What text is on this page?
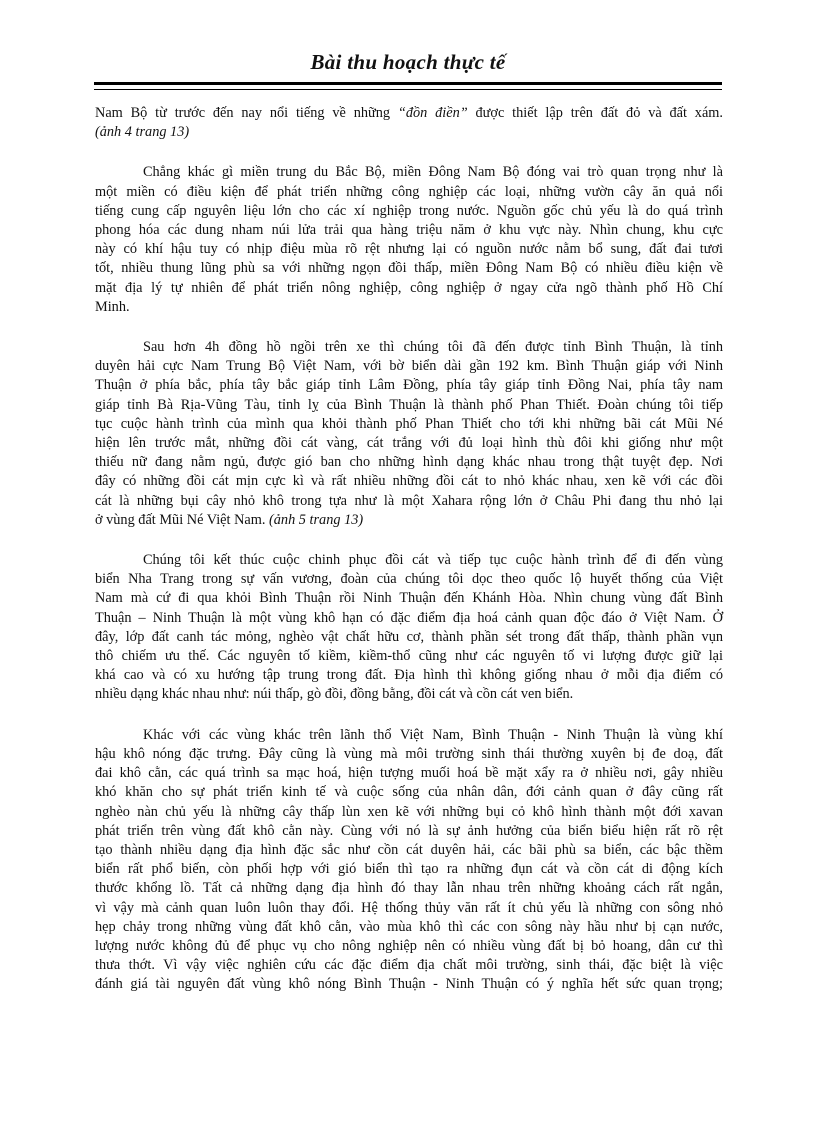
Bài thu hoạch thực tế
Nam Bộ từ trước đến nay nổi tiếng về những “đồn điền” được thiết lập trên đất đỏ và đất xám.
(ảnh 4 trang 13)
Chẳng khác gì miền trung du Bắc Bộ, miền Đông Nam Bộ đóng vai trò quan trọng như là
một miền có điều kiện để phát triển những công nghiệp các loại, những vườn cây ăn quả nổi
tiếng cung cấp nguyên liệu lớn cho các xí nghiệp trong nước. Nguồn gốc chủ yếu là do quá trình
phong hóa các dung nham núi lửa trải qua hàng triệu năm ở khu vực này. Nhìn chung, khu cực
này có khí hậu tuy có nhịp điệu mùa rõ rệt nhưng lại có nguồn nước nằm bổ sung, đất đai tươi
tốt, nhiều thung lũng phù sa với những ngọn đồi thấp, miền Đông Nam Bộ có nhiều điều kiện về
mặt địa lý tự nhiên để phát triển nông nghiệp, công nghiệp ở ngay cửa ngõ thành phố Hồ Chí
Minh.
Sau hơn 4h đồng hồ ngồi trên xe thì chúng tôi đã đến được tỉnh Bình Thuận, là tỉnh
duyên hải cực Nam Trung Bộ Việt Nam, với bờ biển dài gần 192 km. Bình Thuận giáp với Ninh
Thuận ở phía bắc, phía tây bắc giáp tỉnh Lâm Đồng, phía tây giáp tỉnh Đồng Nai, phía tây nam
giáp tỉnh Bà Rịa-Vũng Tàu, tỉnh lỵ của Bình Thuận là thành phố Phan Thiết. Đoàn chúng tôi tiếp
tục cuộc hành trình của mình qua khỏi thành phố Phan Thiết cho tới khi những bãi cát Mũi Né
hiện lên trước mắt, những đồi cát vàng, cát trắng với đủ loại hình thù đôi khi giống như một
thiếu nữ đang nằm ngủ, được gió ban cho những hình dạng khác nhau trong thật tuyệt đẹp. Nơi
đây có những đồi cát mịn cực kì và rất nhiều những đồi cát to nhỏ khác nhau, xen kẽ với các đồi
cát là những bụi cây nhỏ khô trong tựa như là một Xahara rộng lớn ở Châu Phi đang thu nhỏ lại
ở vùng đất Mũi Né Việt Nam. (ảnh 5 trang 13)
Chúng tôi kết thúc cuộc chinh phục đồi cát và tiếp tục cuộc hành trình để đi đến vùng
biển Nha Trang trong sự vấn vương, đoàn của chúng tôi dọc theo quốc lộ huyết thống của Việt
Nam mà cứ đi qua khỏi Bình Thuận rồi Ninh Thuận đến Khánh Hòa. Nhìn chung vùng đất Bình
Thuận – Ninh Thuận là một vùng khô hạn có đặc điểm địa hoá cảnh quan độc đáo ở Việt Nam. Ở
đây, lớp đất canh tác mỏng, nghèo vật chất hữu cơ, thành phần sét trong đất thấp, thành phần vụn
thô chiếm ưu thế. Các nguyên tố kiềm, kiềm-thổ cũng như các nguyên tố vi lượng được giữ lại
khá cao và có xu hướng tập trung trong đất. Địa hình thì không giống nhau ở mỗi địa điểm có
nhiều dạng khác nhau như: núi thấp, gò đồi, đồng bằng, đồi cát và cồn cát ven biển.
Khác với các vùng khác trên lãnh thổ Việt Nam, Bình Thuận - Ninh Thuận là vùng khí
hậu khô nóng đặc trưng. Đây cũng là vùng mà môi trường sinh thái thường xuyên bị đe doạ, đất
đai khô cằn, các quá trình sa mạc hoá, hiện tượng muối hoá bề mặt xẩy ra ở nhiều nơi, gây nhiều
khó khăn cho sự phát triển kinh tế và cuộc sống của nhân dân, đới cảnh quan ở đây cũng rất
nghèo nàn chủ yếu là những cây thấp lùn xen kẽ với những bụi cỏ khô hình thành một đới xavan
phát triển trên vùng đất khô cằn này. Cùng với nó là sự ảnh hưởng của biển biểu hiện rất rõ rệt
tạo thành nhiều dạng địa hình đặc sắc như cồn cát duyên hải, các bãi phù sa biển, các bậc thềm
biển rất phổ biến, còn phối hợp với gió biển thì tạo ra những đụn cát và cồn cát di động kích
thước khổng lồ. Tất cả những dạng địa hình đó thay lẫn nhau trên những khoảng cách rất ngắn,
vì vậy mà cảnh quan luôn luôn thay đổi. Hệ thống thủy văn rất ít chủ yếu là những con sông nhỏ
hẹp chảy trong những vùng đất khô cằn, vào mùa khô thì các con sông này hầu như bị cạn nước,
lượng nước không đủ để phục vụ cho nông nghiệp nên có nhiều vùng đất bị bỏ hoang, dân cư thì
thưa thớt. Vì vậy việc nghiên cứu các đặc điểm địa chất môi trường, sinh thái, đặc biệt là việc
đánh giá tài nguyên đất vùng khô nóng Bình Thuận - Ninh Thuận có ý nghĩa hết sức quan trọng;
